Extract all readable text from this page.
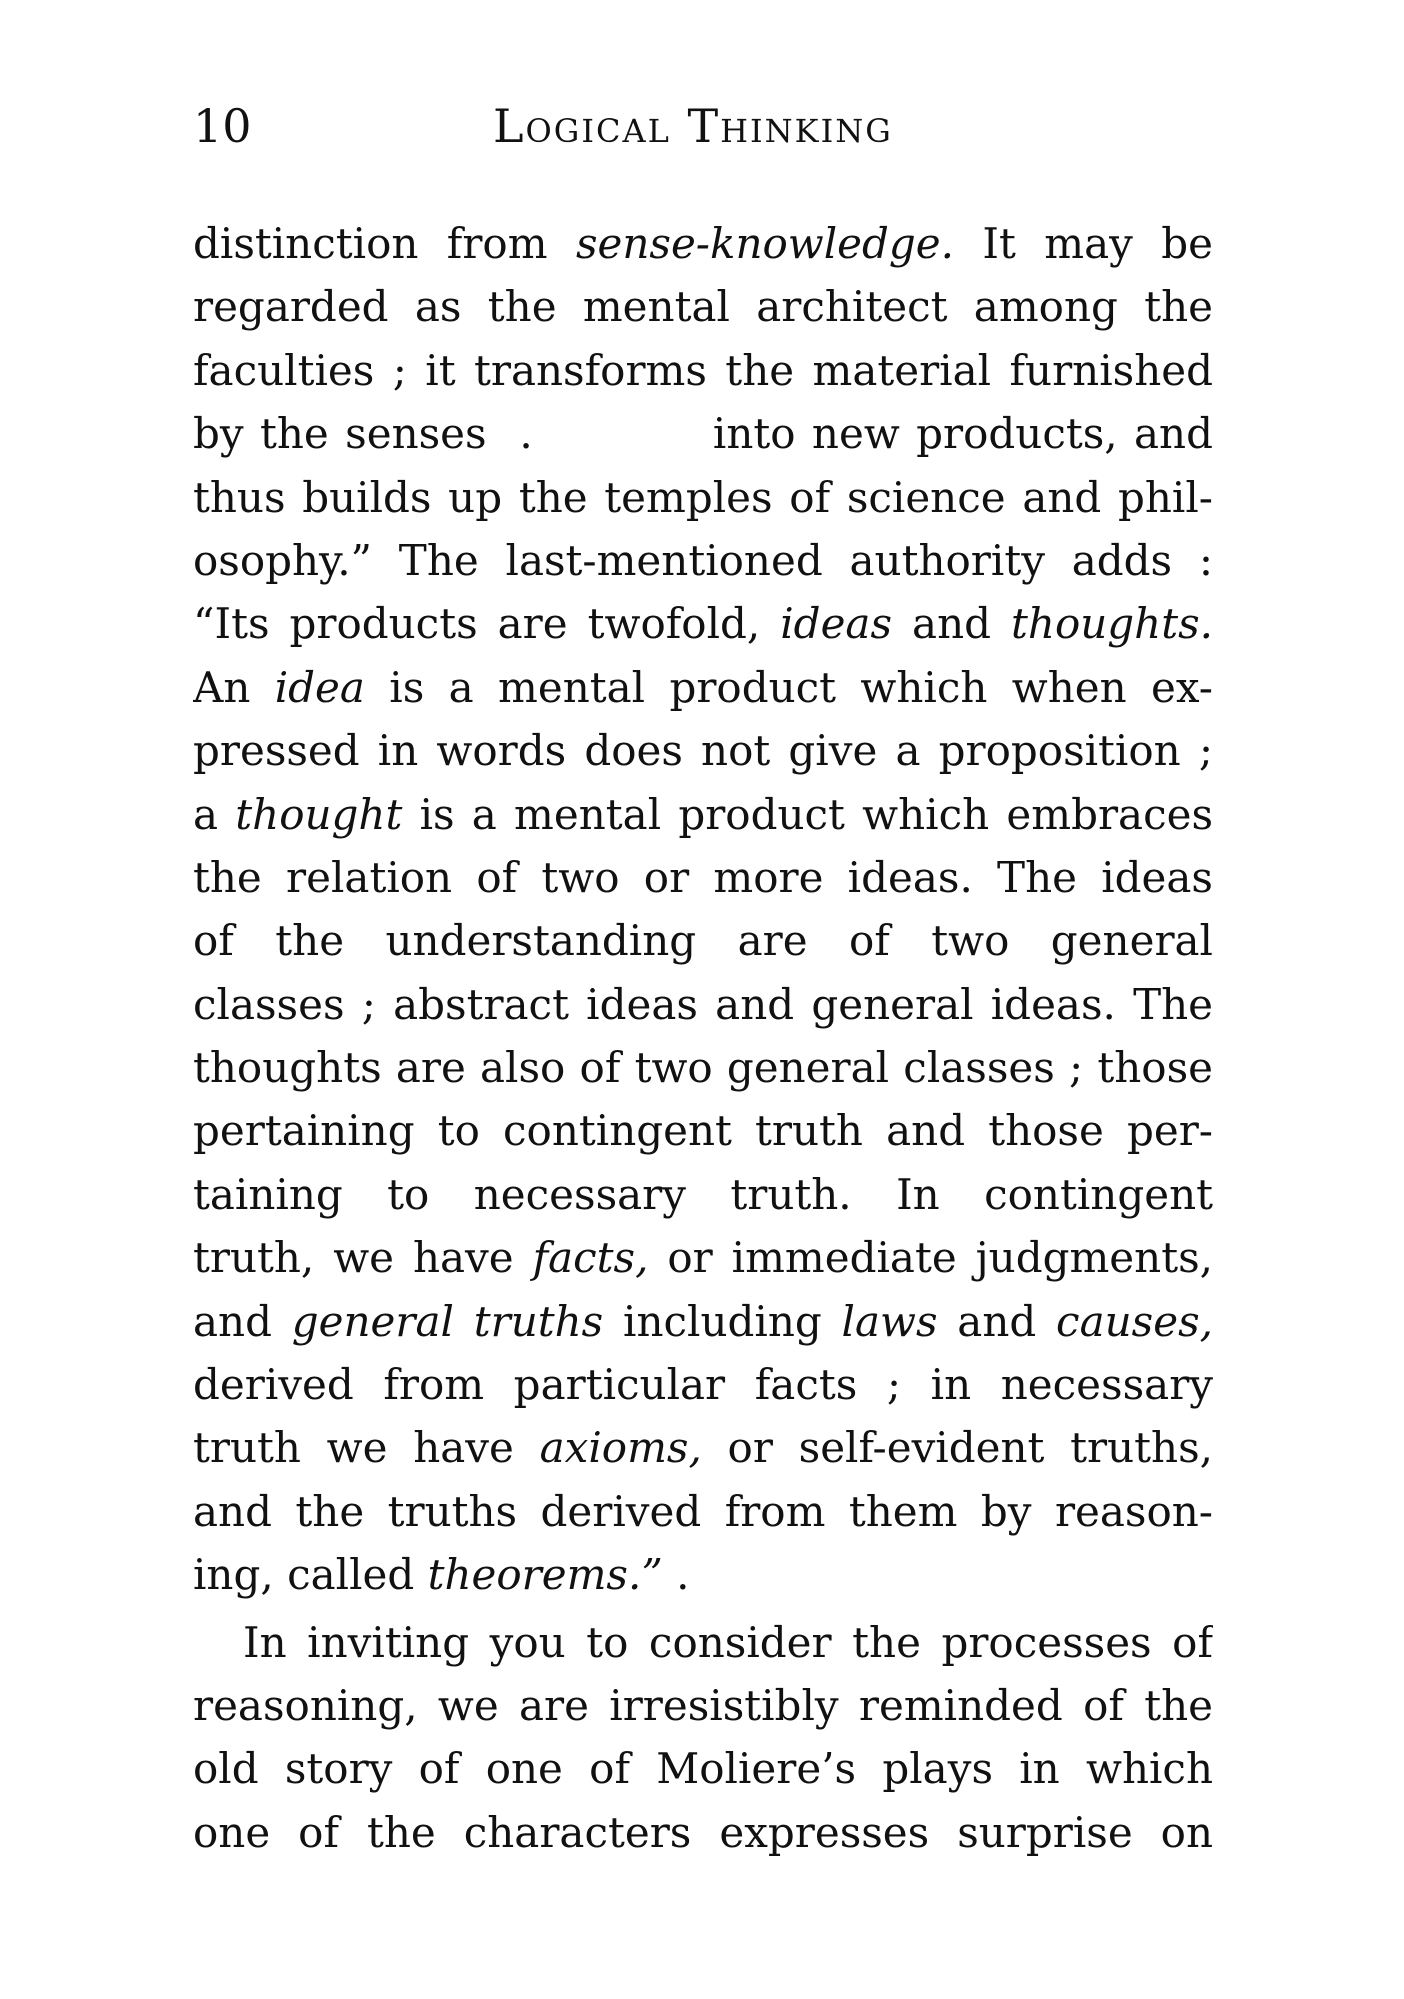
10	Logical Thinking
distinction from sense-knowledge. It may be
regarded as the mental architect among the
faculties ; it transforms the material furnished
by the senses  .           into new products, and
thus builds up the temples of science and phil-
osophy.” The last-mentioned authority adds :
“Its products are twofold, ideas and thoughts.
An idea is a mental product which when ex-
pressed in words does not give a proposition ;
a thought is a mental product which embraces
the relation of two or more ideas. The ideas
of the understanding are of two general
classes ; abstract ideas and general ideas. The
thoughts are also of two general classes ; those
pertaining to contingent truth and those per-
taining to necessary truth. In contingent
truth, we have facts, or immediate judgments,
and general truths including laws and causes,
derived from particular facts ; in necessary
truth we have axioms, or self-evident truths,
and the truths derived from them by reason-
ing, called theorems.” .
In inviting you to consider the processes of
reasoning, we are irresistibly reminded of the
old story of one of Moliere’s plays in which
one of the characters expresses surprise on
